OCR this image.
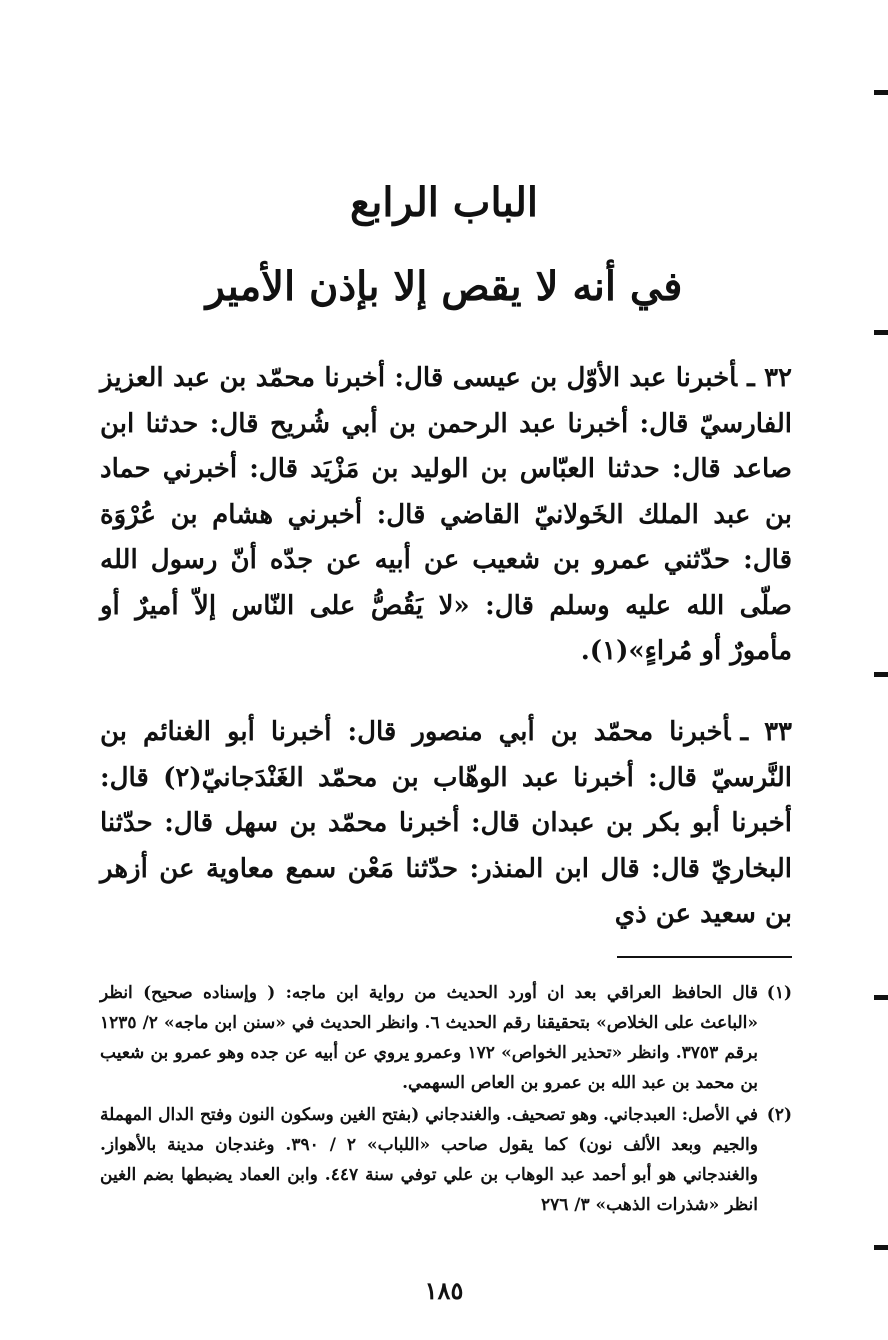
الباب الرابع
في أنه لا يقص إلا بإذن الأمير
٣٢ ـأخبرنا عبد الأوّل بن عيسى قال: أخبرنا محمّد بن عبد العزيز الفارسيّ قال: أخبرنا عبد الرحمن بن أبي شُريح قال: حدثنا ابن صاعد قال: حدثنا العبّاس بن الوليد بن مَزْيَد قال: أخبرني حماد بن عبد الملك الخَولانيّ القاضي قال: أخبرني هشام بن عُرْوَة قال: حدّثني عمرو بن شعيب عن أبيه عن جدّه أنّ رسول الله صلّى الله عليه وسلم قال: «لا يَقُصُّ على النّاس إلاّ أميرٌ أو مأمورٌ أو مُراءٍ»(١).
٣٣ ـأخبرنا محمّد بن أبي منصور قال: أخبرنا أبو الغنائم بن النَّرسيّ قال: أخبرنا عبد الوهّاب بن محمّد الغَنْدَجانيّ(٢) قال: أخبرنا أبو بكر بن عبدان قال: أخبرنا محمّد بن سهل قال: حدّثنا البخاريّ قال: قال ابن المنذر: حدّثنا مَعْن سمع معاوية عن أزهر بن سعيد عن ذي
(١)
قال الحافظ العراقي بعد ان أورد الحديث من رواية ابن ماجه: ( وإسناده صحيح) انظر «الباعث على الخلاص» بتحقيقنا رقم الحديث ٦. وانظر الحديث في «سنن ابن ماجه» ٢/ ١٢٣٥ برقم ٣٧٥٣. وانظر «تحذير الخواص» ١٧٢ وعمرو يروي عن أبيه عن جده وهو عمرو بن شعيب بن محمد بن عبد الله بن عمرو بن العاص السهمي.
(٢)
في الأصل: العبدجاني. وهو تصحيف. والغندجاني (بفتح الغين وسكون النون وفتح الدال المهملة والجيم وبعد الألف نون) كما يقول صاحب «اللباب» ٢ / ٣٩٠. وغندجان مدينة بالأهواز. والغندجاني هو أبو أحمد عبد الوهاب بن علي توفي سنة ٤٤٧. وابن العماد يضبطها بضم الغين انظر «شذرات الذهب» ٣/ ٢٧٦
١٨٥
